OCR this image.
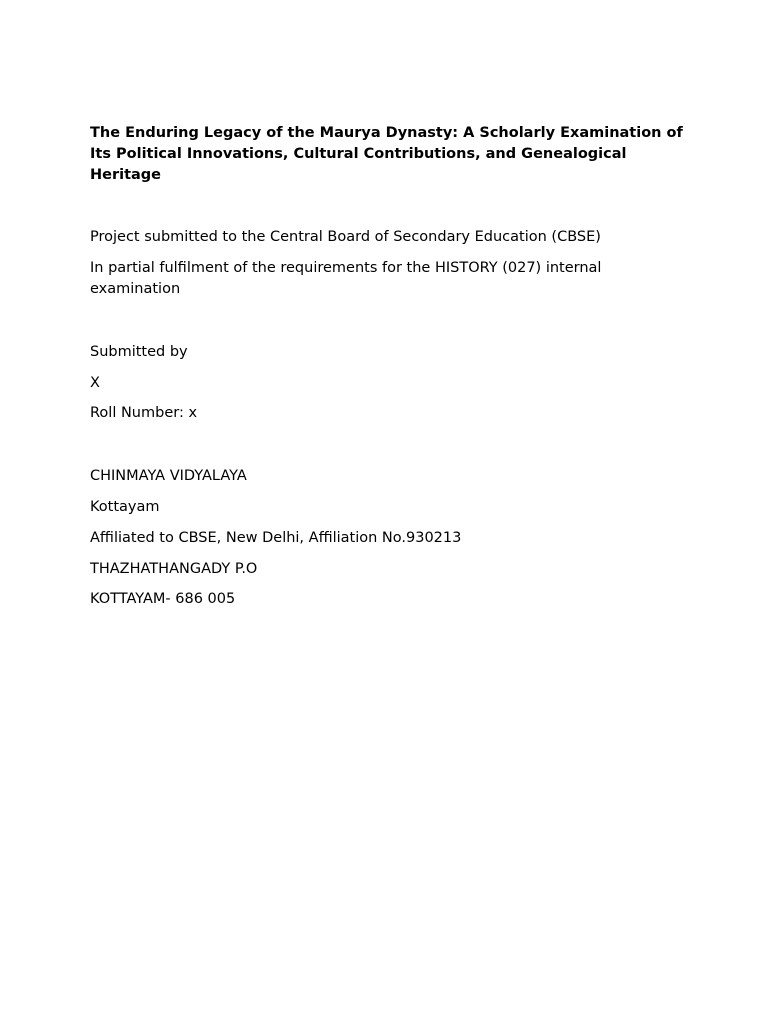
The Enduring Legacy of the Maurya Dynasty: A Scholarly Examination of Its Political Innovations, Cultural Contributions, and Genealogical Heritage

Project submitted to the Central Board of Secondary Education (CBSE)

In partial fulfilment of the requirements for the HISTORY (027) internal examination

Submitted by

X

Roll Number: x

CHINMAYA VIDYALAYA

Kottayam

Affiliated to CBSE, New Delhi, Affiliation No.930213

THAZHATHANGADY P.O

KOTTAYAM- 686 005
